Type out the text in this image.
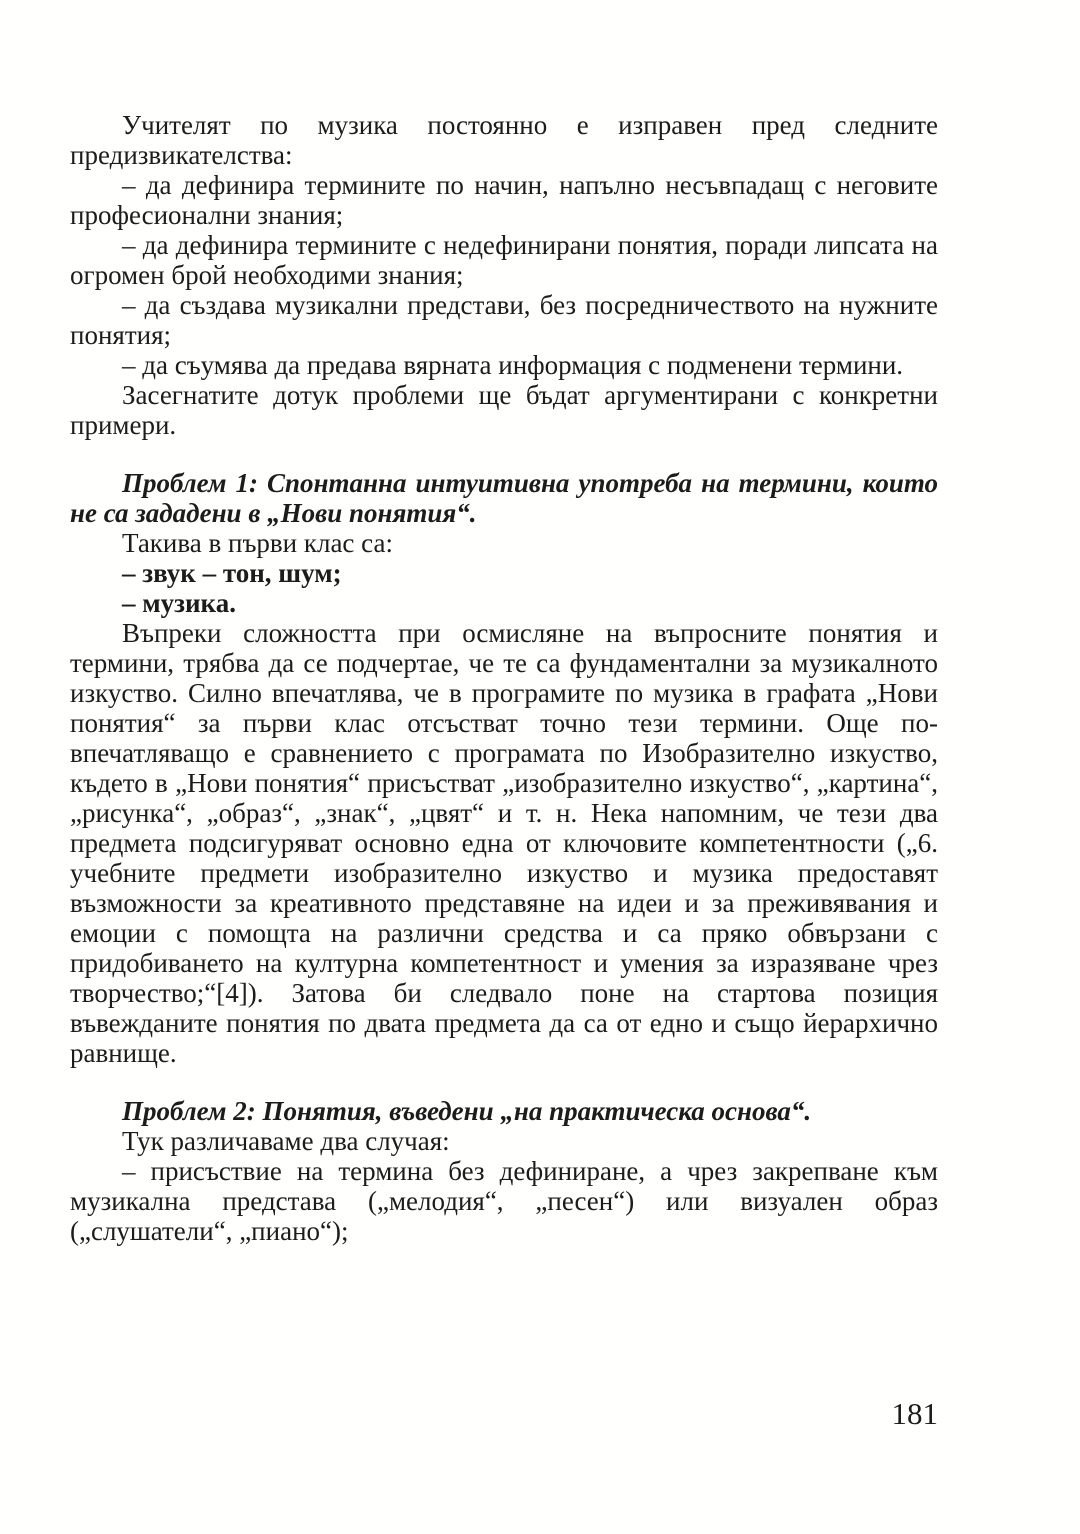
Учителят по музика постоянно е изправен пред следните предизвикателства:

– да дефинира термините по начин, напълно несъвпадащ с неговите професионални знания;

– да дефинира термините с недефинирани понятия, поради липсата на огромен брой необходими знания;

– да създава музикални представи, без посредничеството на нужните понятия;

– да съумява да предава вярната информация с подменени термини.

Засегнатите дотук проблеми ще бъдат аргументирани с конкретни примери.

Проблем 1: Спонтанна интуитивна употреба на термини, които не са зададени в „Нови понятия“.

Такива в първи клас са:

– звук – тон, шум;

– музика.

Въпреки сложността при осмисляне на въпросните понятия и термини, трябва да се подчертае, че те са фундаментални за музикалното изкуство. Силно впечатлява, че в програмите по музика в графата „Нови понятия“ за първи клас отсъстват точно тези термини. Още по-впечатляващо е сравнението с програмата по Изобразително изкуство, където в „Нови понятия“ присъстват „изобразително изкуство“, „картина“, „рисунка“, „образ“, „знак“, „цвят“ и т. н. Нека напомним, че тези два предмета подсигуряват основно една от ключовите компетентности („6. учебните предмети изобразително изкуство и музика предоставят възможности за креативното представяне на идеи и за преживявания и емоции с помощта на различни средства и са пряко обвързани с придобиването на културна компетентност и умения за изразяване чрез творчество;“[4]). Затова би следвало поне на стартова позиция въвежданите понятия по двата предмета да са от едно и също йерархично равнище.

Проблем 2: Понятия, въведени „на практическа основа“.

Тук различаваме два случая:

– присъствие на термина без дефиниране, а чрез закрепване към музикална представа („мелодия“, „песен“) или визуален образ („слушатели“, „пиано“);

181
